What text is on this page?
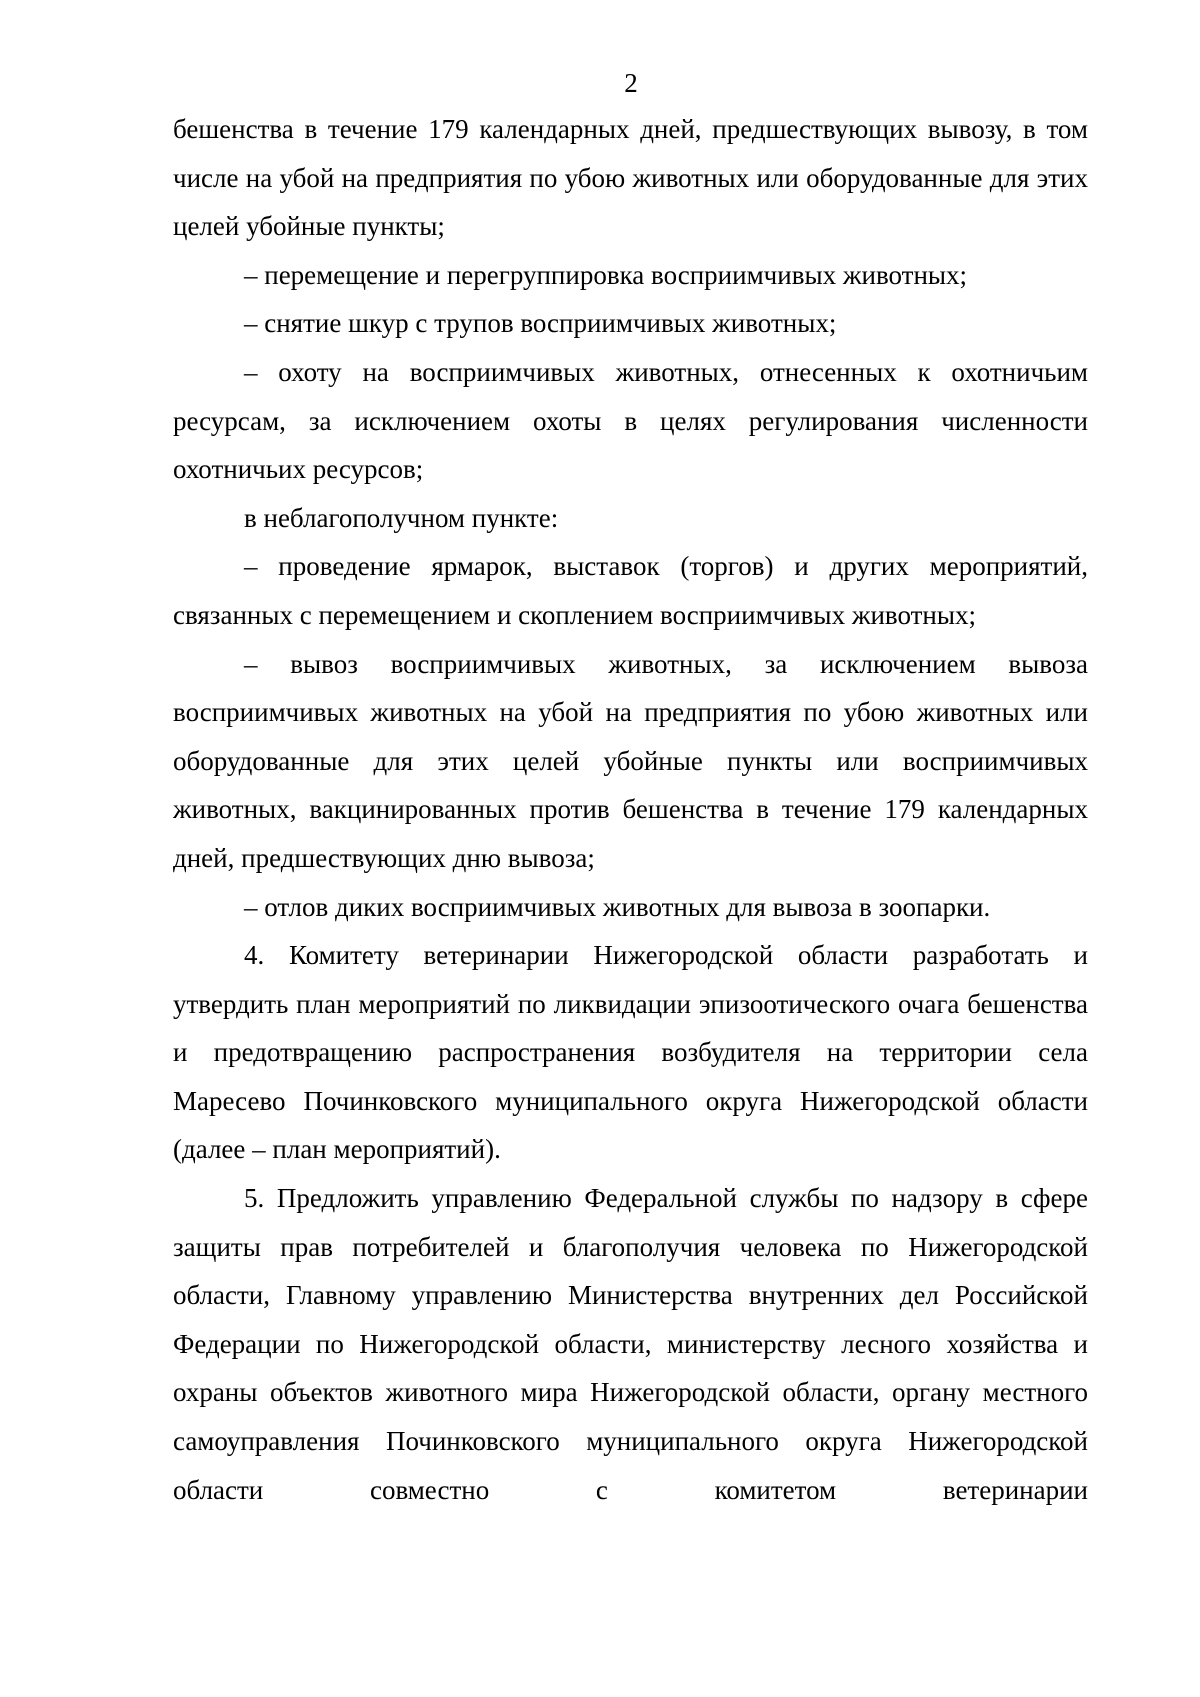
2

бешенства в течение 179 календарных дней, предшествующих вывозу, в том числе на убой на предприятия по убою животных или оборудованные для этих целей убойные пункты;

– перемещение и перегруппировка восприимчивых животных;

– снятие шкур с трупов восприимчивых животных;

– охоту на восприимчивых животных, отнесенных к охотничьим ресурсам, за исключением охоты в целях регулирования численности охотничьих ресурсов;

в неблагополучном пункте:

– проведение ярмарок, выставок (торгов) и других мероприятий, связанных с перемещением и скоплением восприимчивых животных;

– вывоз восприимчивых животных, за исключением вывоза восприимчивых животных на убой на предприятия по убою животных или оборудованные для этих целей убойные пункты или восприимчивых животных, вакцинированных против бешенства в течение 179 календарных дней, предшествующих дню вывоза;

– отлов диких восприимчивых животных для вывоза в зоопарки.

4. Комитету ветеринарии Нижегородской области разработать и утвердить план мероприятий по ликвидации эпизоотического очага бешенства и предотвращению распространения возбудителя на территории села Маресево Починковского муниципального округа Нижегородской области (далее – план мероприятий).

5. Предложить управлению Федеральной службы по надзору в сфере защиты прав потребителей и благополучия человека по Нижегородской области, Главному управлению Министерства внутренних дел Российской Федерации по Нижегородской области, министерству лесного хозяйства и охраны объектов животного мира Нижегородской области, органу местного самоуправления Починковского муниципального округа Нижегородской области совместно с комитетом ветеринарии
